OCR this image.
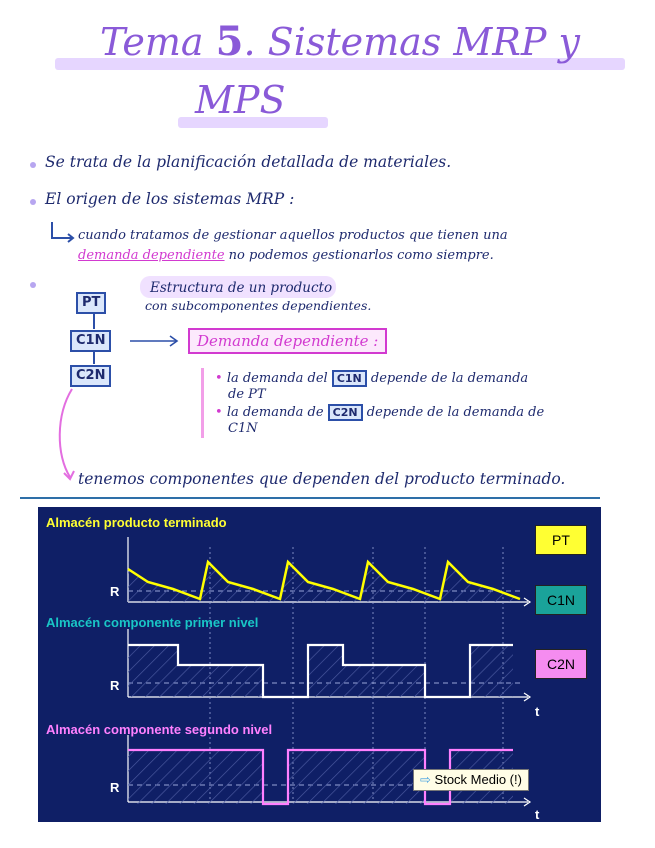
Tema 5. Sistemas MRP y
MPS
Se trata de la planificación detallada de materiales.
El origen de los sistemas MRP :
cuando tratamos de gestionar aquellos productos que tienen una
demanda dependiente no podemos gestionarlos como siempre.
Estructura de un producto
con subcomponentes dependientes.
PT
C1N
C2N
Demanda dependiente :
• la demanda del C1N depende de la demanda
de PT
• la demanda de C2N depende de la demanda de
C1N
tenemos componentes que dependen del producto terminado.
Almacén producto terminado
Almacén componente primer nivel
Almacén componente segundo nivel
R
R
R
t
t
PT
C1N
C2N
⇨ Stock Medio (!)
